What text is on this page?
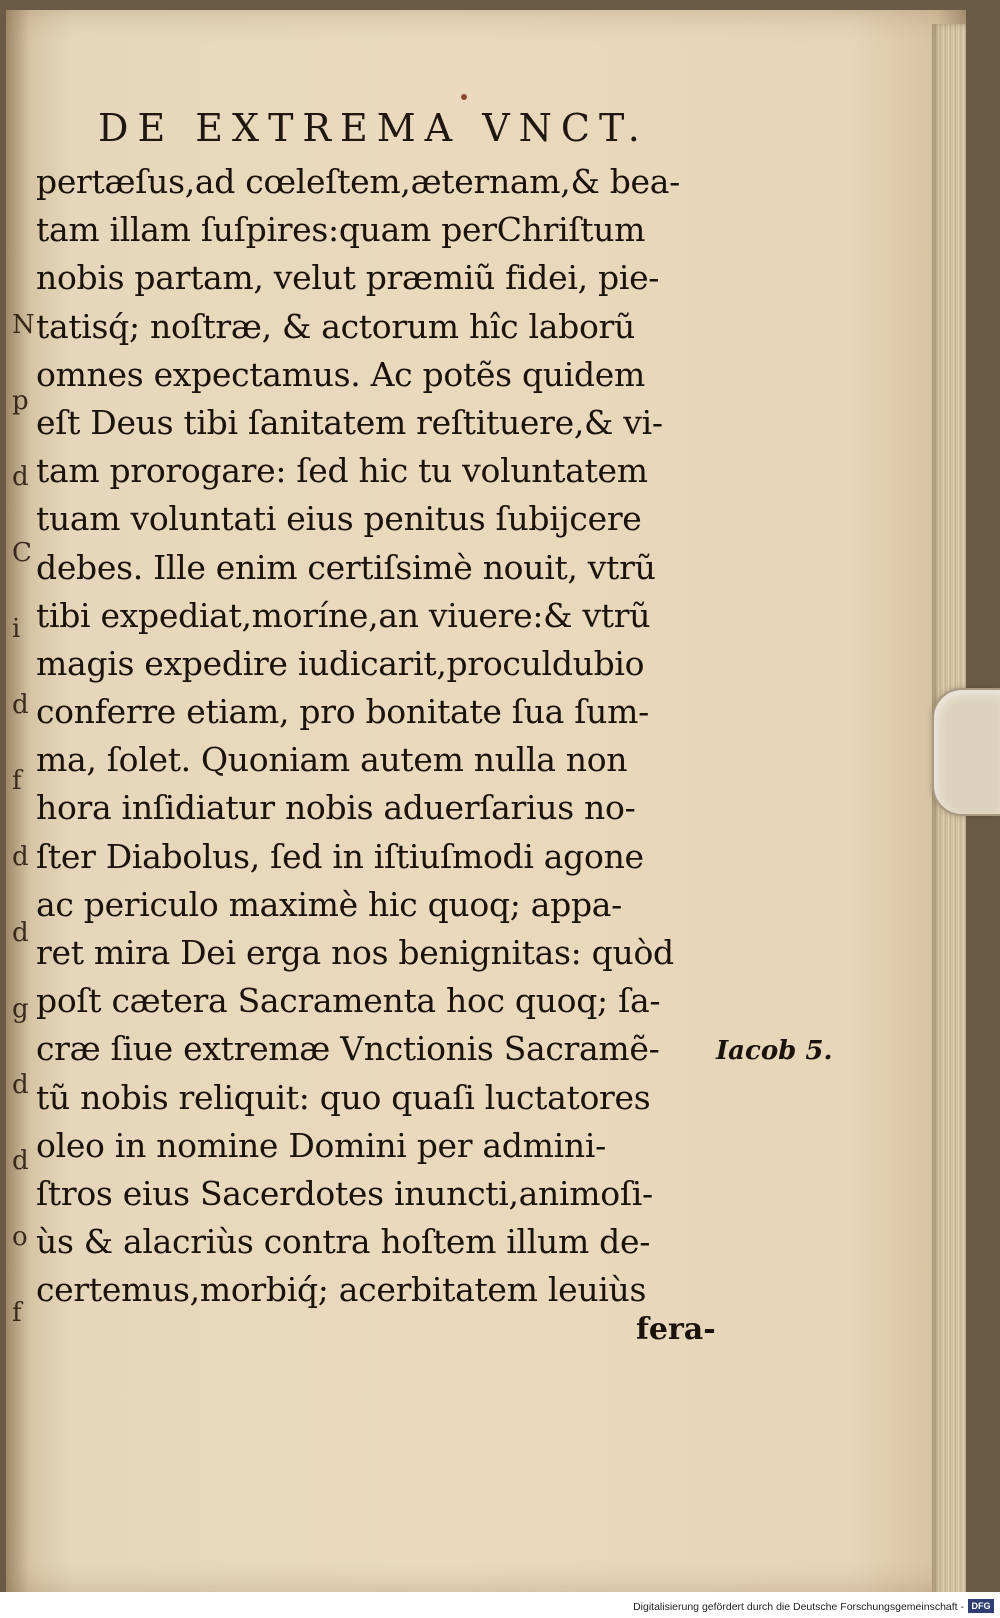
N
p
d
C
i
d
f
d
d
g
d
d
o
f
DE EXTREMA VNCT.
pertæſus,ad cœleſtem,æternam,& bea-
tam illam ſuſpires:quam perChriſtum
nobis partam, velut præmiũ fidei, pie-
tatisq́; noſtræ, & actorum hîc laborũ
omnes expectamus. Ac potẽs quidem
eſt Deus tibi ſanitatem reſtituere,& vi-
tam prorogare: ſed hic tu voluntatem
tuam voluntati eius penitus ſubijcere
debes. Ille enim certiſsimè nouit, vtrũ
tibi expediat,moríne,an viuere:& vtrũ
magis expedire iudicarit,proculdubio
conferre etiam, pro bonitate ſua ſum-
ma, ſolet. Quoniam autem nulla non
hora inſidiatur nobis aduerſarius no-
ſter Diabolus, ſed in iſtiuſmodi agone
ac periculo maximè hic quoq; appa-
ret mira Dei erga nos benignitas: quòd
poſt cætera Sacramenta hoc quoq; ſa-
cræ ſiue extremæ Vnctionis Sacramẽ-
tũ nobis reliquit: quo quaſi luctatores
oleo in nomine Domini per admini-
ſtros eius Sacerdotes inuncti,animoſi-
ùs & alacriùs contra hoſtem illum de-
certemus,morbiq́; acerbitatem leuiùs
Iacob 5.
fera-
Digitalisierung gefördert durch die Deutsche Forschungsgemeinschaft - DFG
